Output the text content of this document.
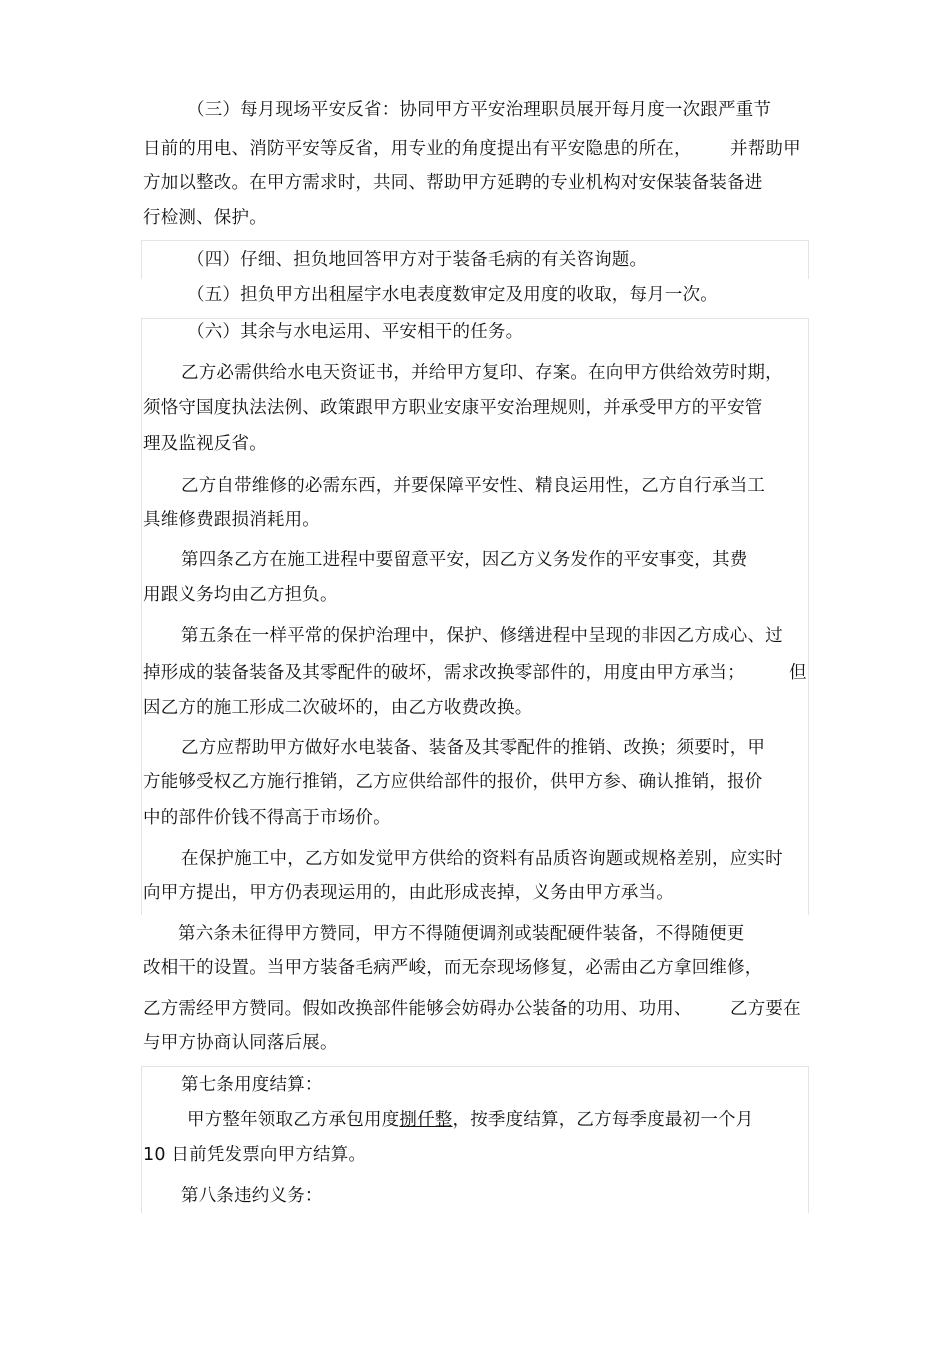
（三）每月现场平安反省：协同甲方平安治理职员展开每月度一次跟严重节
日前的用电、消防平安等反省，用专业的角度提出有平安隐患的所在， 并帮助甲
方加以整改。在甲方需求时，共同、帮助甲方延聘的专业机构对安保装备装备进
行检测、保护。
（四）仔细、担负地回答甲方对于装备毛病的有关咨询题。
（五）担负甲方出租屋宇水电表度数审定及用度的收取，每月一次。
（六）其余与水电运用、平安相干的任务。
乙方必需供给水电天资证书，并给甲方复印、存案。在向甲方供给效劳时期，
须恪守国度执法法例、政策跟甲方职业安康平安治理规则，并承受甲方的平安管
理及监视反省。
乙方自带维修的必需东西，并要保障平安性、精良运用性，乙方自行承当工
具维修费跟损消耗用。
第四条乙方在施工进程中要留意平安，因乙方义务发作的平安事变，其费
用跟义务均由乙方担负。
第五条在一样平常的保护治理中，保护、修缮进程中呈现的非因乙方成心、过
掉形成的装备装备及其零配件的破坏，需求改换零部件的，用度由甲方承当；	但
因乙方的施工形成二次破坏的，由乙方收费改换。
乙方应帮助甲方做好水电装备、装备及其零配件的推销、改换；须要时，甲
方能够受权乙方施行推销，乙方应供给部件的报价，供甲方参、确认推销，报价
中的部件价钱不得高于市场价。
在保护施工中，乙方如发觉甲方供给的资料有品质咨询题或规格差别，应实时
向甲方提出，甲方仍表现运用的，由此形成丧掉，义务由甲方承当。
第六条未征得甲方赞同，甲方不得随便调剂或装配硬件装备，不得随便更
改相干的设置。当甲方装备毛病严峻，而无奈现场修复，必需由乙方拿回维修，
乙方需经甲方赞同。假如改换部件能够会妨碍办公装备的功用、功用、 乙方要在
与甲方协商认同落后展。
第七条用度结算：
甲方整年领取乙方承包用度捌仟整，按季度结算，乙方每季度最初一个月
10 日前凭发票向甲方结算。
第八条违约义务：
